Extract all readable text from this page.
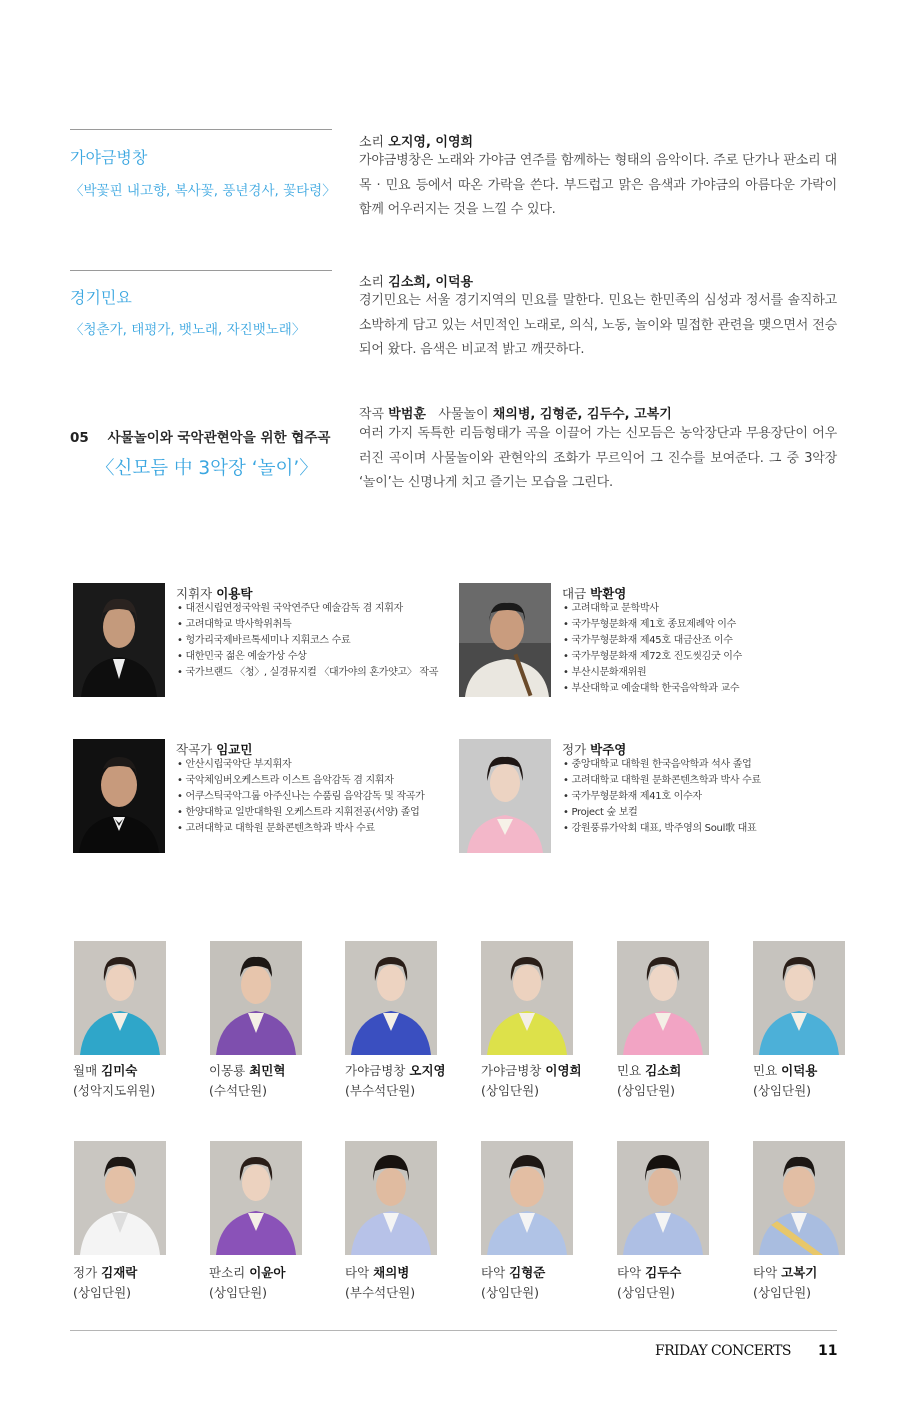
가야금병창
〈박꽃핀 내고향, 복사꽃, 풍년경사, 꽃타령〉
소리 오지영, 이영희
가야금병창은 노래와 가야금 연주를 함께하는 형태의 음악이다. 주로 단가나 판소리 대목 · 민요 등에서 따온 가락을 쓴다. 부드럽고 맑은 음색과 가야금의 아름다운 가락이 함께 어우러지는 것을 느낄 수 있다.
경기민요
〈청춘가, 태평가, 뱃노래, 자진뱃노래〉
소리 김소희, 이덕용
경기민요는 서울 경기지역의 민요를 말한다. 민요는 한민족의 심성과 정서를 솔직하고 소박하게 담고 있는 서민적인 노래로, 의식, 노동, 놀이와 밀접한 관련을 맺으면서 전승되어 왔다. 음색은 비교적 밝고 깨끗하다.
05 사물놀이와 국악관현악을 위한 협주곡
〈신모듬 中 3악장 ‘놀이’〉
작곡 박범훈 사물놀이 채의병, 김형준, 김두수, 고복기
여러 가지 독특한 리듬형태가 곡을 이끌어 가는 신모듬은 농악장단과 무용장단이 어우러진 곡이며 사물놀이와 관현악의 조화가 무르익어 그 진수를 보여준다. 그 중 3악장 ‘놀이’는 신명나게 치고 즐기는 모습을 그린다.
지휘자 이용탁
• 대전시립연정국악원 국악연주단 예술감독 겸 지휘자
• 고려대학교 박사학위취득
• 헝가리국제바르톡세미나 지휘코스 수료
• 대한민국 젊은 예술가상 수상
• 국가브랜드 〈청〉, 실경뮤지컬 〈대가야의 혼가얏고〉 작곡
대금 박환영
• 고려대학교 문학박사
• 국가무형문화재 제1호 종묘제례악 이수
• 국가무형문화재 제45호 대금산조 이수
• 국가무형문화재 제72호 진도씻김굿 이수
• 부산시문화재위원
• 부산대학교 예술대학 한국음악학과 교수
작곡가 임교민
• 안산시립국악단 부지휘자
• 국악체임버오케스트라 이스트 음악감독 겸 지휘자
• 어쿠스틱국악그룹 아주신나는 수품림 음악감독 및 작곡가
• 한양대학교 일반대학원 오케스트라 지휘전공(서양) 졸업
• 고려대학교 대학원 문화콘텐츠학과 박사 수료
정가 박주영
• 중앙대학교 대학원 한국음악학과 석사 졸업
• 고려대학교 대학원 문화콘텐츠학과 박사 수료
• 국가무형문화재 제41호 이수자
• Project 숲 보컬
• 강원풍류가악회 대표, 박주영의 Soul歌 대표
월매 김미숙
(성악지도위원)
이몽룡 최민혁
(수석단원)
가야금병창 오지영
(부수석단원)
가야금병창 이영희
(상임단원)
민요 김소희
(상임단원)
민요 이덕용
(상임단원)
정가 김재락
(상임단원)
판소리 이윤아
(상임단원)
타악 채의병
(부수석단원)
타악 김형준
(상임단원)
타악 김두수
(상임단원)
타악 고복기
(상임단원)
FRIDAY CONCERTS 11
